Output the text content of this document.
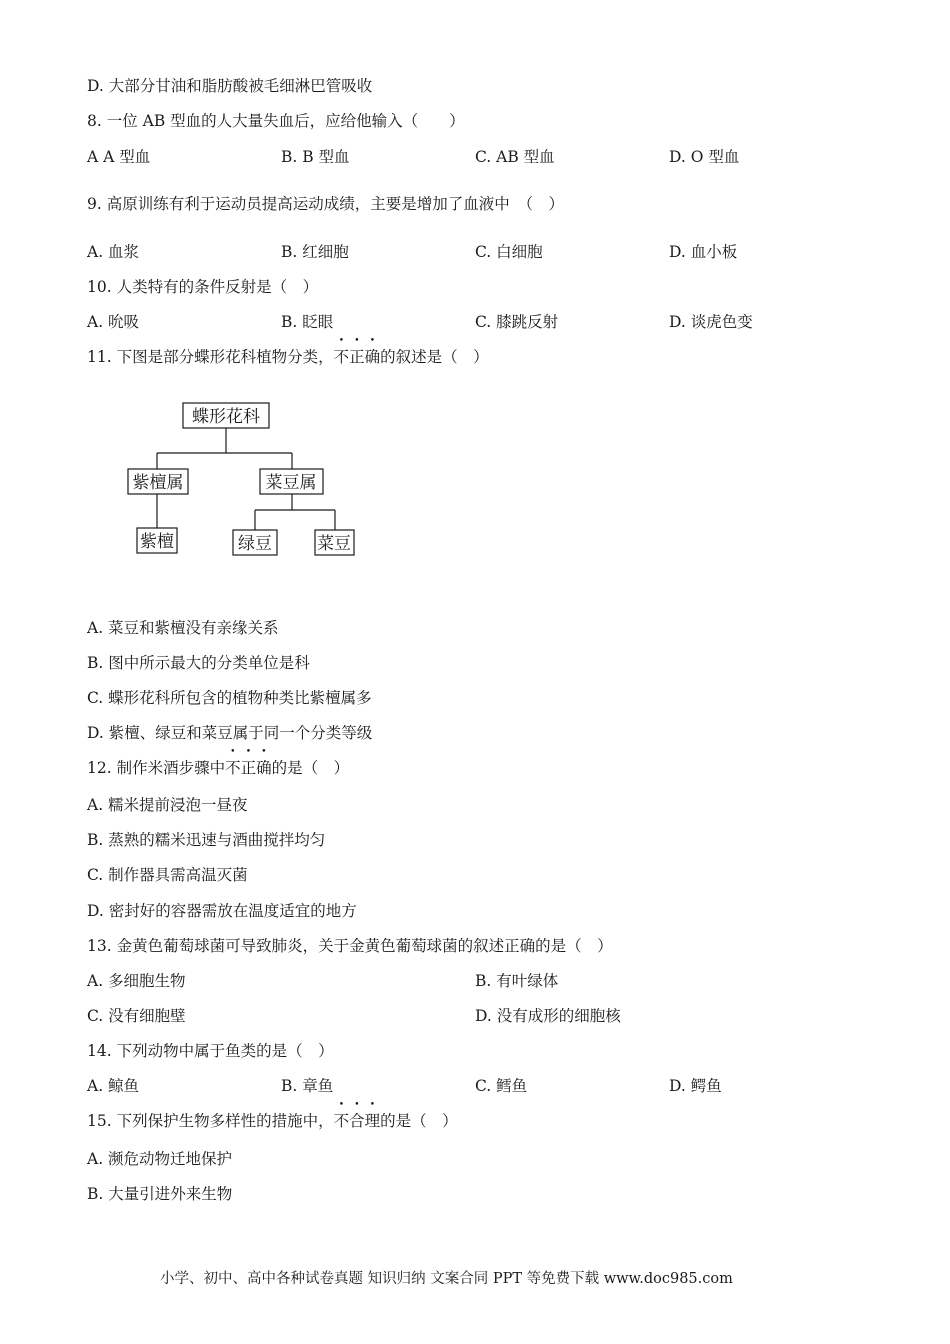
D. 大部分甘油和脂肪酸被毛细淋巴管吸收
8. 一位 AB 型血的人大量失血后，应给他输入（　　）
A A 型血	B. B 型血	C. AB 型血	D. O 型血
9. 高原训练有利于运动员提高运动成绩，主要是增加了血液中　（　）
A. 血浆	B. 红细胞	C. 白细胞	D. 血小板
10. 人类特有的条件反射是（　）
A. 吮吸	B. 眨眼	C. 膝跳反射	D. 谈虎色变
11. 下图是部分蝶形花科植物分类，不正确的叙述是（　）
蝶形花科
紫檀属	菜豆属
紫檀	绿豆	菜豆
A. 菜豆和紫檀没有亲缘关系
B. 图中所示最大的分类单位是科
C. 蝶形花科所包含的植物种类比紫檀属多
D. 紫檀、绿豆和菜豆属于同一个分类等级
12. 制作米酒步骤中不正确的是（　）
A. 糯米提前浸泡一昼夜
B. 蒸熟的糯米迅速与酒曲搅拌均匀
C. 制作器具需高温灭菌
D. 密封好的容器需放在温度适宜的地方
13. 金黄色葡萄球菌可导致肺炎，关于金黄色葡萄球菌的叙述正确的是（　）
A. 多细胞生物	B. 有叶绿体
C. 没有细胞壁	D. 没有成形的细胞核
14. 下列动物中属于鱼类的是（　）
A. 鲸鱼	B. 章鱼	C. 鳕鱼	D. 鳄鱼
15. 下列保护生物多样性的措施中，不合理的是（　）
A. 濒危动物迁地保护
B. 大量引进外来生物
小学、初中、高中各种试卷真题 知识归纳 文案合同 PPT 等免费下载 www.doc985.com
